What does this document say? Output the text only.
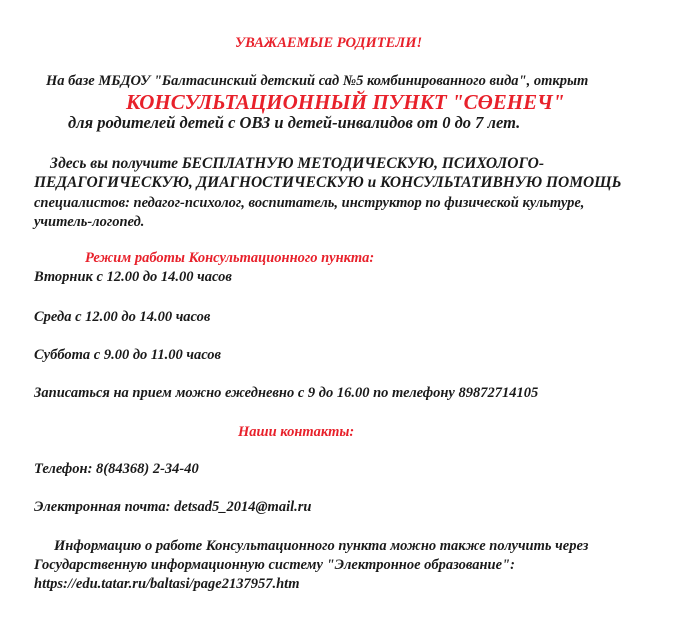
УВАЖАЕМЫЕ РОДИТЕЛИ!
На базе МБДОУ "Балтасинский детский сад №5 комбинированного вида", открыт
КОНСУЛЬТАЦИОННЫЙ ПУНКТ "СӨЕНЕЧ"
для родителей детей с ОВЗ и детей-инвалидов от 0 до 7 лет.
Здесь вы получите БЕСПЛАТНУЮ МЕТОДИЧЕСКУЮ, ПСИХОЛОГО-
ПЕДАГОГИЧЕСКУЮ, ДИАГНОСТИЧЕСКУЮ и КОНСУЛЬТАТИВНУЮ ПОМОЩЬ
специалистов: педагог-психолог, воспитатель, инструктор по физической культуре,
учитель-логопед.
Режим работы Консультационного пункта:
Вторник с 12.00 до 14.00 часов
Среда с 12.00 до 14.00 часов
Суббота с 9.00 до 11.00 часов
Записаться на прием можно ежедневно с 9 до 16.00 по телефону 89872714105
Наши контакты:
Телефон: 8(84368) 2-34-40
Электронная почта: detsad5_2014@mail.ru
Информацию о работе Консультационного пункта можно также получить через
Государственную информационную систему "Электронное образование":
https://edu.tatar.ru/baltasi/page2137957.htm
